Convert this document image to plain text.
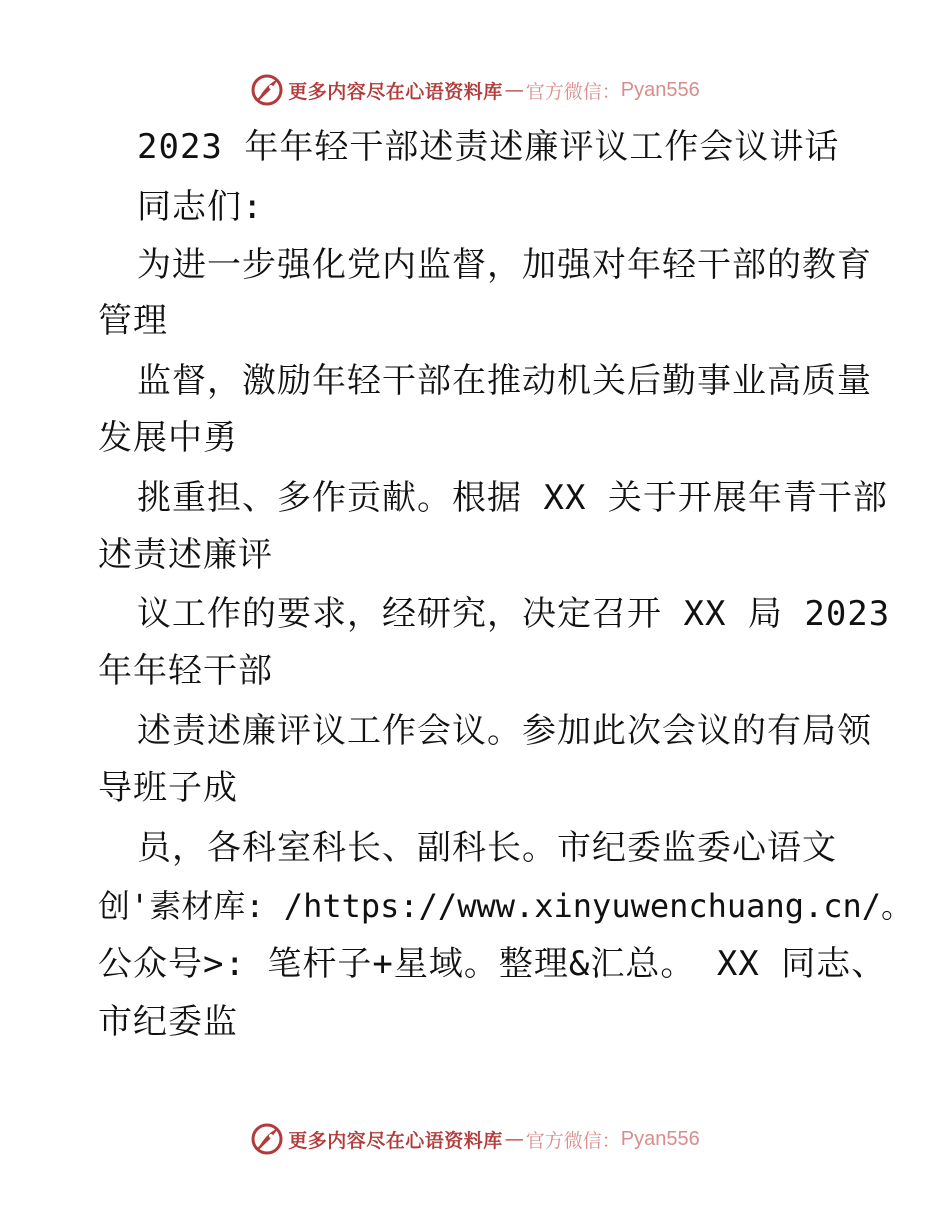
更多内容尽在心语资料库 — 官方微信： Pyan556
2023 年年轻干部述责述廉评议工作会议讲话
同志们:
为进一步强化党内监督，加强对年轻干部的教育
管理
监督，激励年轻干部在推动机关后勤事业高质量
发展中勇
挑重担、多作贡献。根据 XX 关于开展年青干部
述责述廉评
议工作的要求，经研究，决定召开 XX 局 2023
年年轻干部
述责述廉评议工作会议。参加此次会议的有局领
导班子成
员，各科室科长、副科长。市纪委监委心语文
创'素材库: /https://www.xinyuwenchuang.cn/。
公众号>: 笔杆子+星域。整理&汇总。 XX 同志、
市纪委监
更多内容尽在心语资料库 — 官方微信： Pyan556
